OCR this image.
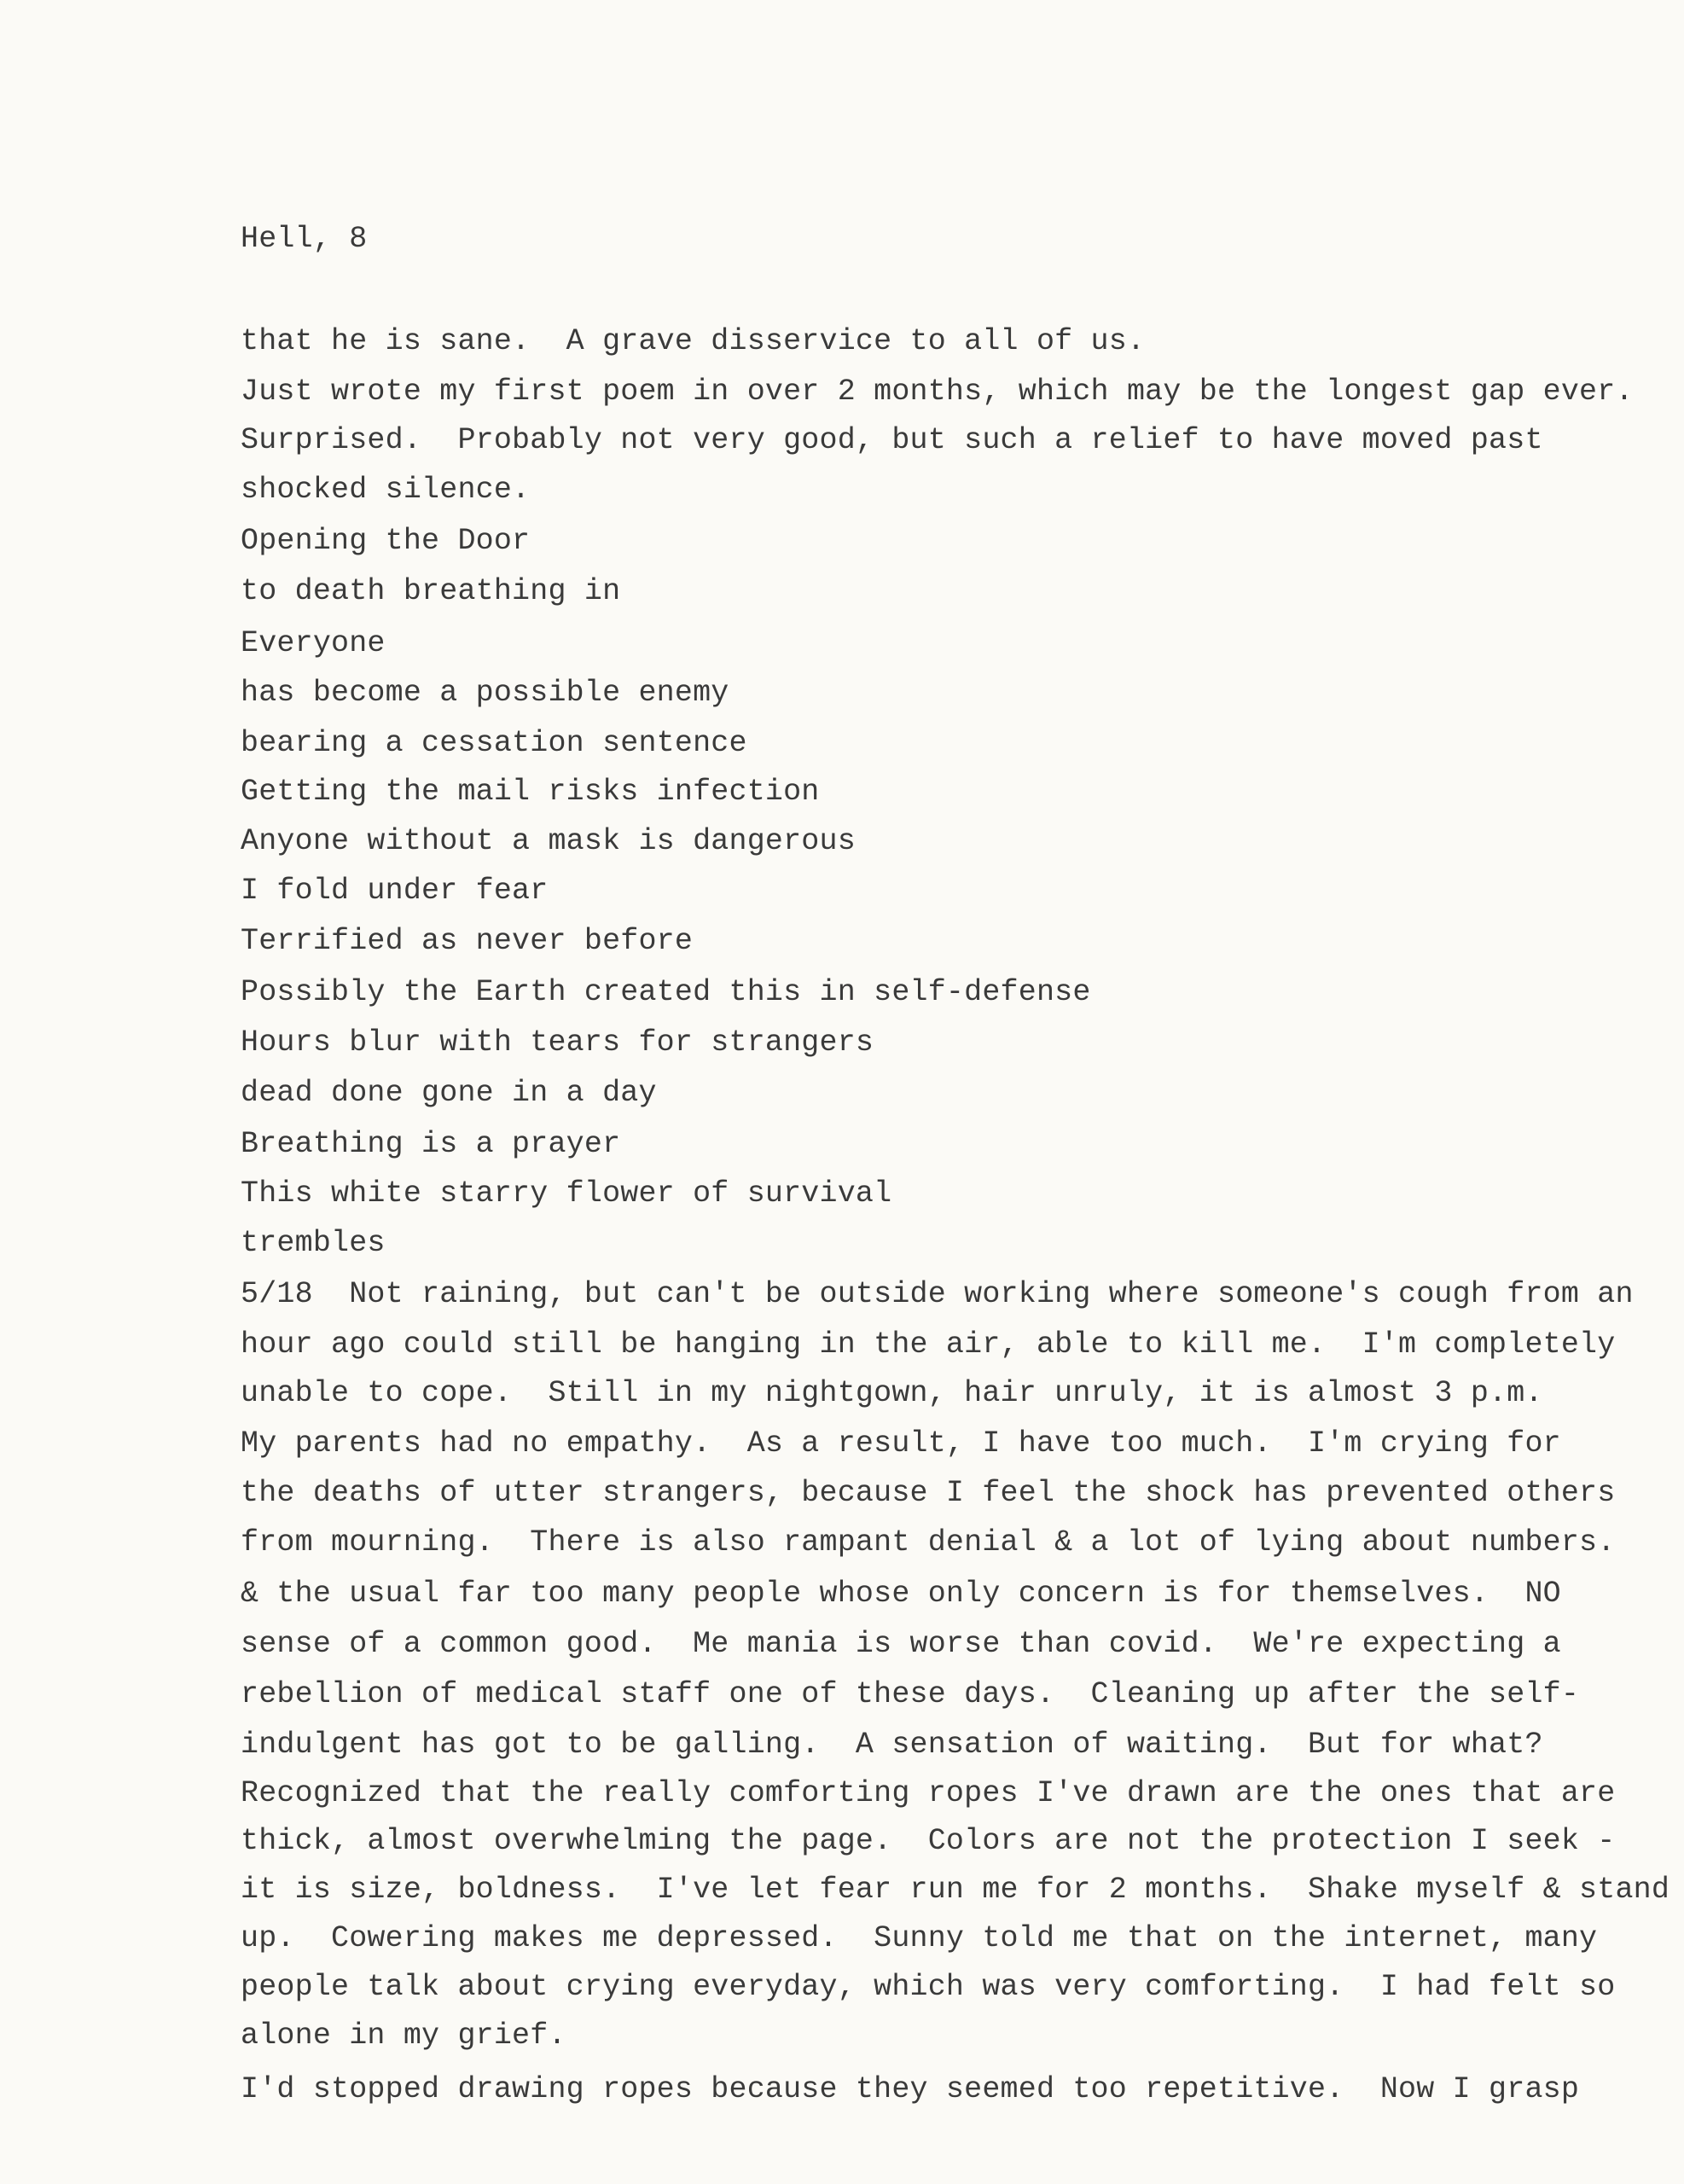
Hell, 8

that he is sane.  A grave disservice to all of us.

Just wrote my first poem in over 2 months, which may be the longest gap ever.

Surprised.  Probably not very good, but such a relief to have moved past

shocked silence.

Opening the Door

to death breathing in

Everyone

has become a possible enemy

bearing a cessation sentence

Getting the mail risks infection

Anyone without a mask is dangerous

I fold under fear

Terrified as never before

Possibly the Earth created this in self-defense

Hours blur with tears for strangers

dead done gone in a day

Breathing is a prayer

This white starry flower of survival

trembles

5/18  Not raining, but can't be outside working where someone's cough from an

hour ago could still be hanging in the air, able to kill me.  I'm completely

unable to cope.  Still in my nightgown, hair unruly, it is almost 3 p.m.

My parents had no empathy.  As a result, I have too much.  I'm crying for

the deaths of utter strangers, because I feel the shock has prevented others

from mourning.  There is also rampant denial & a lot of lying about numbers.

& the usual far too many people whose only concern is for themselves.  NO

sense of a common good.  Me mania is worse than covid.  We're expecting a

rebellion of medical staff one of these days.  Cleaning up after the self-

indulgent has got to be galling.  A sensation of waiting.  But for what?

Recognized that the really comforting ropes I've drawn are the ones that are

thick, almost overwhelming the page.  Colors are not the protection I seek -

it is size, boldness.  I've let fear run me for 2 months.  Shake myself & stand

up.  Cowering makes me depressed.  Sunny told me that on the internet, many

people talk about crying everyday, which was very comforting.  I had felt so

alone in my grief.

I'd stopped drawing ropes because they seemed too repetitive.  Now I grasp
